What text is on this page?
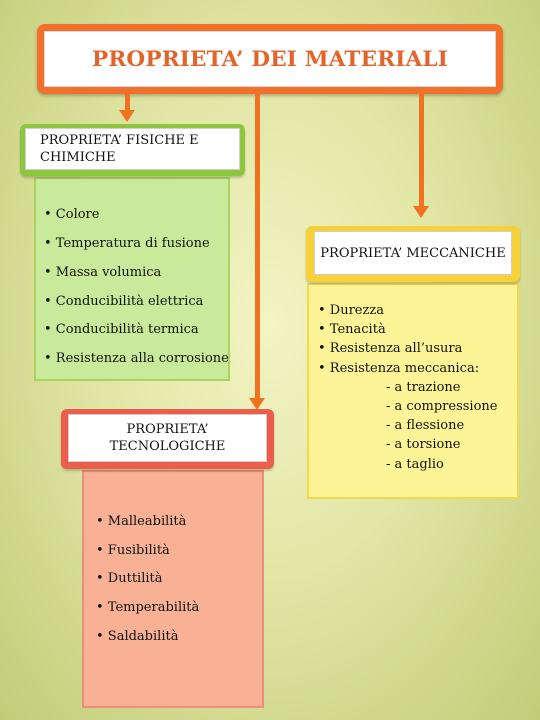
PROPRIETA’ DEI MATERIALI
PROPRIETA’ FISICHE E CHIMICHE
• Colore
• Temperatura di fusione
• Massa volumica
• Conducibilità elettrica
• Conducibilità termica
• Resistenza alla corrosione
PROPRIETA’ TECNOLOGICHE
• Malleabilità
• Fusibilità
• Duttilità
• Temperabilità
• Saldabilità
PROPRIETA’ MECCANICHE
• Durezza
• Tenacità
• Resistenza all’usura
• Resistenza meccanica:
- a trazione
- a compressione
- a flessione
- a torsione
- a taglio
